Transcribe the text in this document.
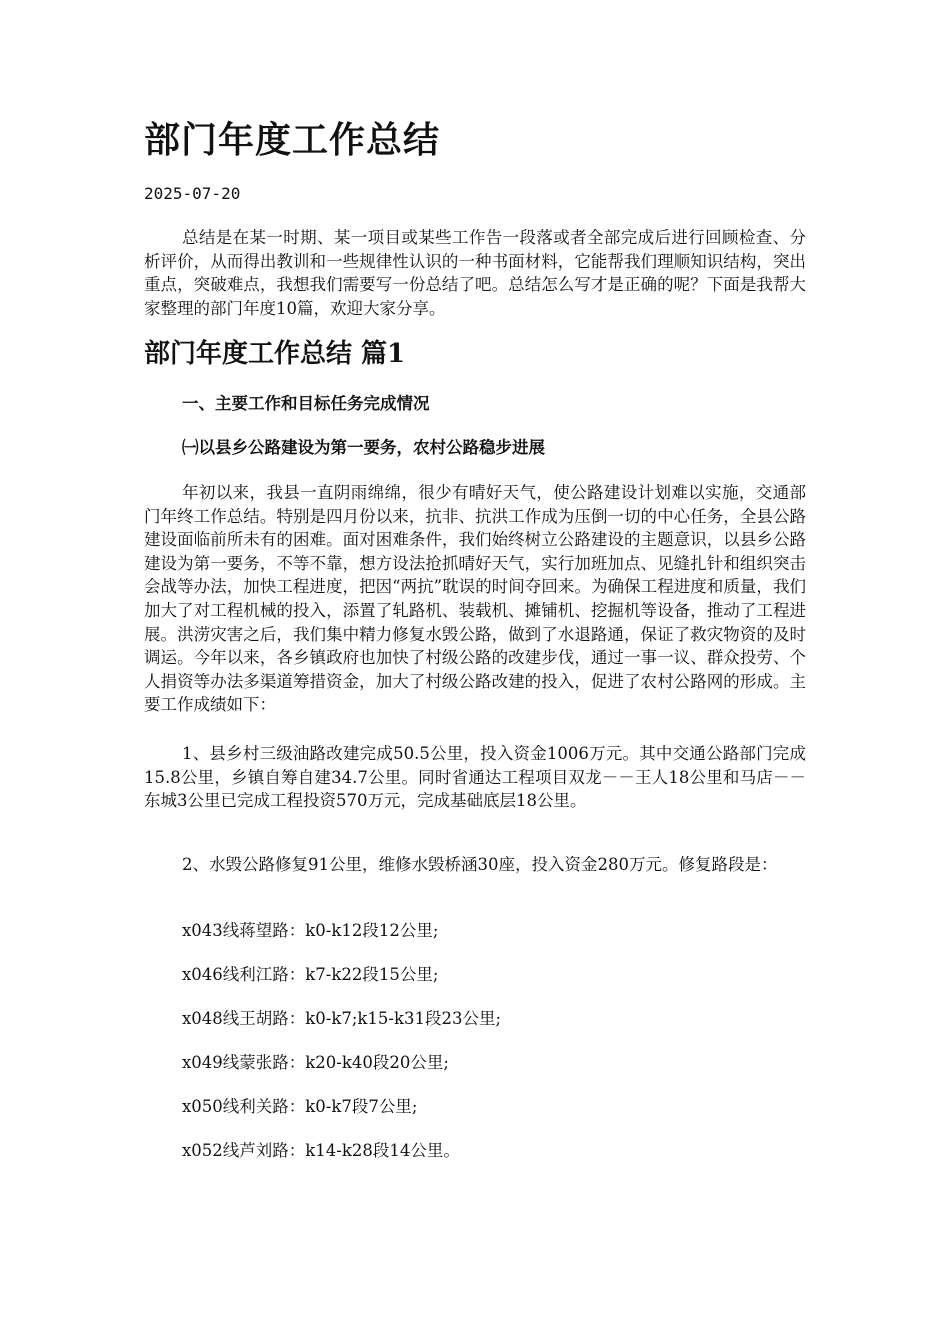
部门年度工作总结
2025-07-20

总结是在某一时期、某一项目或某些工作告一段落或者全部完成后进行回顾检查、分析评价，从而得出教训和一些规律性认识的一种书面材料，它能帮我们理顺知识结构，突出重点，突破难点，我想我们需要写一份总结了吧。总结怎么写才是正确的呢？下面是我帮大家整理的部门年度10篇，欢迎大家分享。

部门年度工作总结 篇1

一、主要工作和目标任务完成情况

㈠以县乡公路建设为第一要务，农村公路稳步进展

年初以来，我县一直阴雨绵绵，很少有晴好天气，使公路建设计划难以实施，交通部门年终工作总结。特别是四月份以来，抗非、抗洪工作成为压倒一切的中心任务，全县公路建设面临前所未有的困难。面对困难条件，我们始终树立公路建设的主题意识，以县乡公路建设为第一要务，不等不靠，想方设法抢抓晴好天气，实行加班加点、见缝扎针和组织突击会战等办法，加快工程进度，把因“两抗”耽误的时间夺回来。为确保工程进度和质量，我们加大了对工程机械的投入，添置了轧路机、装载机、摊铺机、挖掘机等设备，推动了工程进展。洪涝灾害之后，我们集中精力修复水毁公路，做到了水退路通，保证了救灾物资的及时调运。今年以来，各乡镇政府也加快了村级公路的改建步伐，通过一事一议、群众投劳、个人捐资等办法多渠道筹措资金，加大了村级公路改建的投入，促进了农村公路网的形成。主要工作成绩如下：

1、县乡村三级油路改建完成50.5公里，投入资金1006万元。其中交通公路部门完成15.8公里，乡镇自筹自建34.7公里。同时省通达工程项目双龙－－王人18公里和马店－－东城3公里已完成工程投资570万元，完成基础底层18公里。

2、水毁公路修复91公里，维修水毁桥涵30座，投入资金280万元。修复路段是：

x043线蒋望路：k0-k12段12公里;

x046线利江路：k7-k22段15公里;

x048线王胡路：k0-k7;k15-k31段23公里;

x049线蒙张路：k20-k40段20公里;

x050线利关路：k0-k7段7公里;

x052线芦刘路：k14-k28段14公里。
